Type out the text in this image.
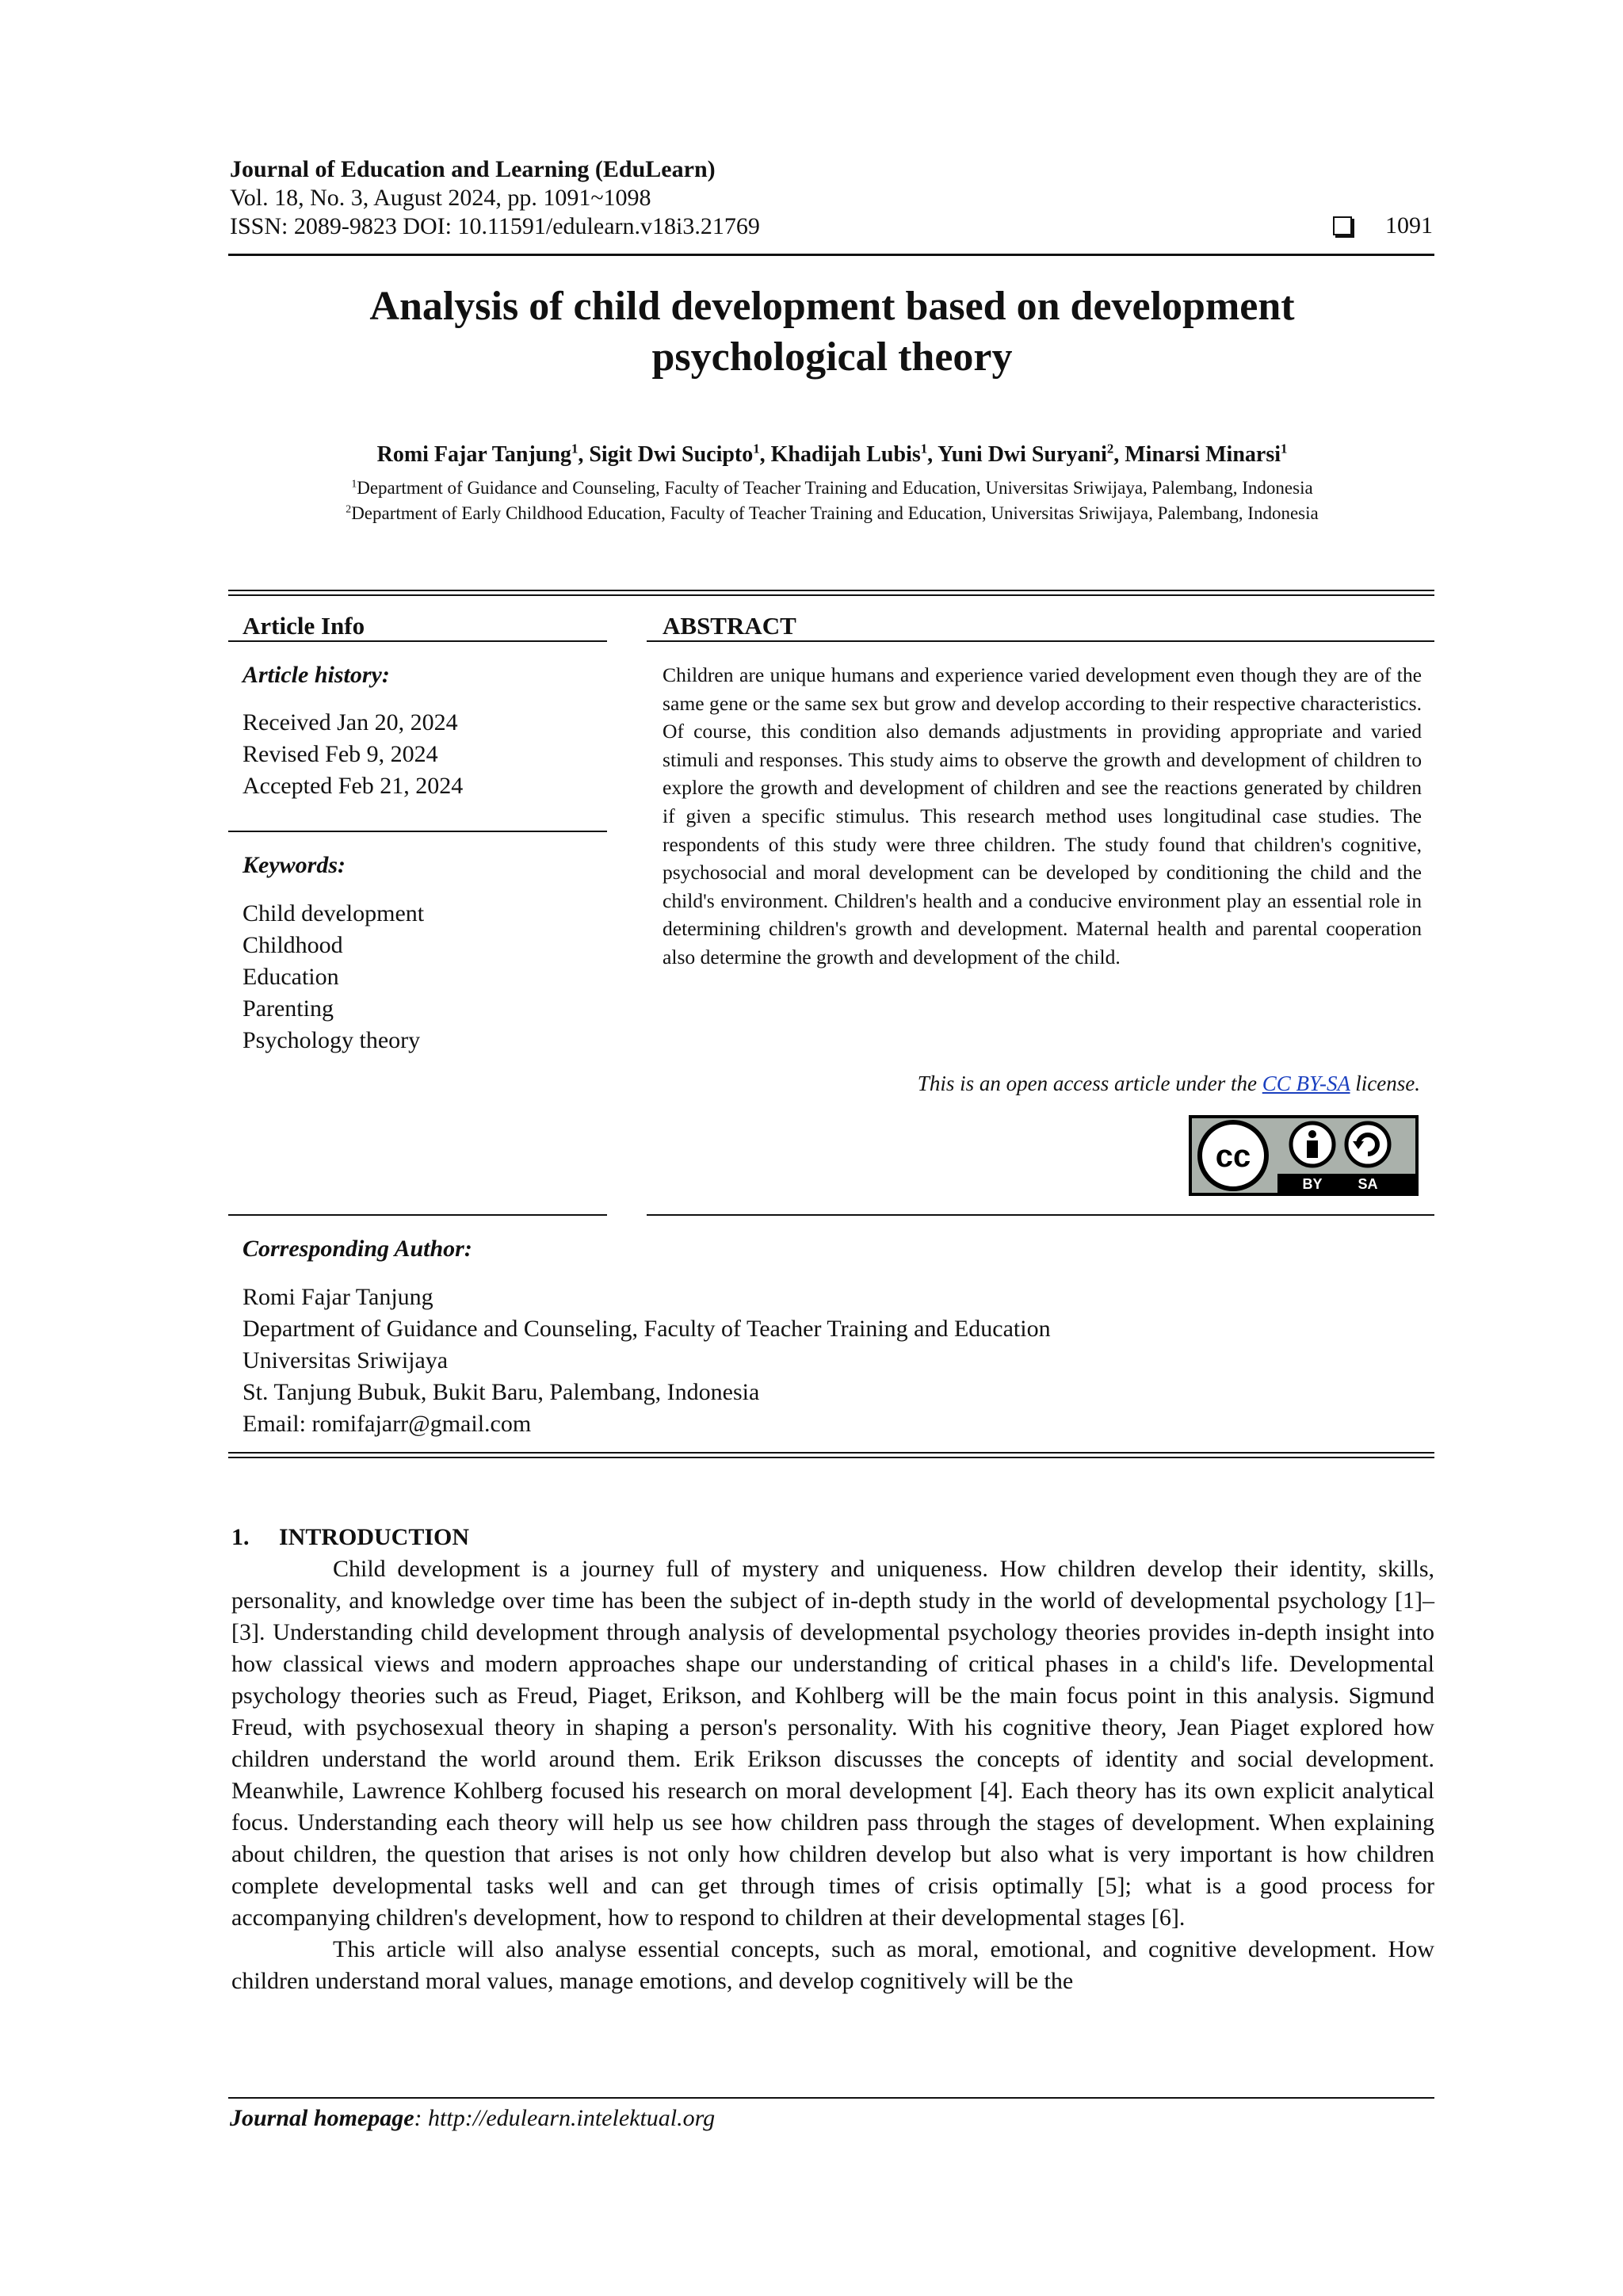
Journal of Education and Learning (EduLearn)
Vol. 18, No. 3, August 2024, pp. 1091~1098
ISSN: 2089-9823 DOI: 10.11591/edulearn.v18i3.21769	1091
Analysis of child development based on development
psychological theory
Romi Fajar Tanjung$^1$, Sigit Dwi Sucipto$^1$, Khadijah Lubis$^1$, Yuni Dwi Suryani$^2$, Minarsi Minarsi$^1$
$^1$Department of Guidance and Counseling, Faculty of Teacher Training and Education, Universitas Sriwijaya, Palembang, Indonesia
$^2$Department of Early Childhood Education, Faculty of Teacher Training and Education, Universitas Sriwijaya, Palembang, Indonesia
Article Info
Article history:
Received Jan 20, 2024
Revised Feb 9, 2024
Accepted Feb 21, 2024
Keywords:
Child development
Childhood
Education
Parenting
Psychology theory
ABSTRACT
Children are unique humans and experience varied development even though they are of the same gene or the same sex but grow and develop according to their respective characteristics. Of course, this condition also demands adjustments in providing appropriate and varied stimuli and responses. This study aims to observe the growth and development of children to explore the growth and development of children and see the reactions generated by children if given a specific stimulus. This research method uses longitudinal case studies. The respondents of this study were three children. The study found that children's cognitive, psychosocial and moral development can be developed by conditioning the child and the child's environment. Children's health and a conducive environment play an essential role in determining children's growth and development. Maternal health and parental cooperation also determine the growth and development of the child.
This is an open access article under the CC BY-SA license.
cc
BY SA
Corresponding Author:
Romi Fajar Tanjung
Department of Guidance and Counseling, Faculty of Teacher Training and Education
Universitas Sriwijaya
St. Tanjung Bubuk, Bukit Baru, Palembang, Indonesia
Email: romifajarr@gmail.com

1.     INTRODUCTION

Child development is a journey full of mystery and uniqueness. How children develop their identity, skills, personality, and knowledge over time has been the subject of in-depth study in the world of developmental psychology [1]–[3]. Understanding child development through analysis of developmental psychology theories provides in-depth insight into how classical views and modern approaches shape our understanding of critical phases in a child's life. Developmental psychology theories such as Freud, Piaget, Erikson, and Kohlberg will be the main focus point in this analysis. Sigmund Freud, with psychosexual theory in shaping a person's personality. With his cognitive theory, Jean Piaget explored how children understand the world around them. Erik Erikson discusses the concepts of identity and social development. Meanwhile, Lawrence Kohlberg focused his research on moral development [4]. Each theory has its own explicit analytical focus. Understanding each theory will help us see how children pass through the stages of development. When explaining about children, the question that arises is not only how children develop but also what is very important is how children complete developmental tasks well and can get through times of crisis optimally [5]; what is a good process for accompanying children's development, how to respond to children at their developmental stages [6].

This article will also analyse essential concepts, such as moral, emotional, and cognitive development. How children understand moral values, manage emotions, and develop cognitively will be the

Journal homepage: http://edulearn.intelektual.org
